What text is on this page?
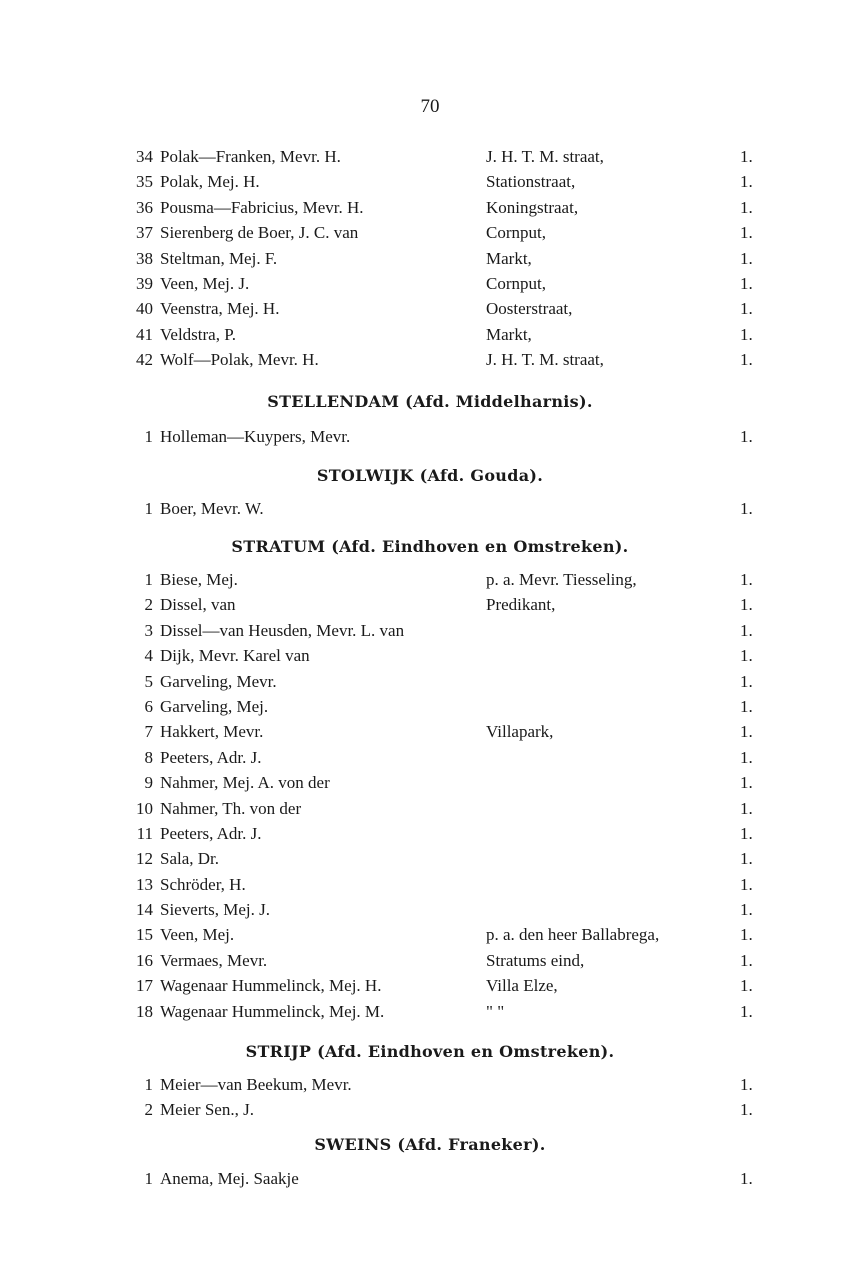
70
34 Polak—Franken, Mevr. H.	J. H. T. M. straat,	1.
35 Polak, Mej. H.	Stationstraat,	1.
36 Pousma—Fabricius, Mevr. H.	Koningstraat,	1.
37 Sierenberg de Boer, J. C. van	Cornput,	1.
38 Steltman, Mej. F.	Markt,	1.
39 Veen, Mej. J.	Cornput,	1.
40 Veenstra, Mej. H.	Oosterstraat,	1.
41 Veldstra, P.	Markt,	1.
42 Wolf—Polak, Mevr. H.	J. H. T. M. straat,	1.
STELLENDAM (Afd. Middelharnis).
1 Holleman—Kuypers, Mevr.	1.
STOLWIJK (Afd. Gouda).
1 Boer, Mevr. W.	1.
STRATUM (Afd. Eindhoven en Omstreken).
1 Biese, Mej.	p. a. Mevr. Tiesseling,	1.
2 Dissel, van	Predikant,	1.
3 Dissel—van Heusden, Mevr. L. van	1.
4 Dijk, Mevr. Karel van	1.
5 Garveling, Mevr.	1.
6 Garveling, Mej.	1.
7 Hakkert, Mevr.	Villapark,	1.
8 Peeters, Adr. J.	1.
9 Nahmer, Mej. A. von der	1.
10 Nahmer, Th. von der	1.
11 Peeters, Adr. J.	1.
12 Sala, Dr.	1.
13 Schröder, H.	1.
14 Sieverts, Mej. J.	1.
15 Veen, Mej.	p. a. den heer Ballabrega,	1.
16 Vermaes, Mevr.	Stratums eind,	1.
17 Wagenaar Hummelinck, Mej. H.	Villa Elze,	1.
18 Wagenaar Hummelinck, Mej. M.	" "	1.
STRIJP (Afd. Eindhoven en Omstreken).
1 Meier—van Beekum, Mevr.	1.
2 Meier Sen., J.	1.
SWEINS (Afd. Franeker).
1 Anema, Mej. Saakje	1.
